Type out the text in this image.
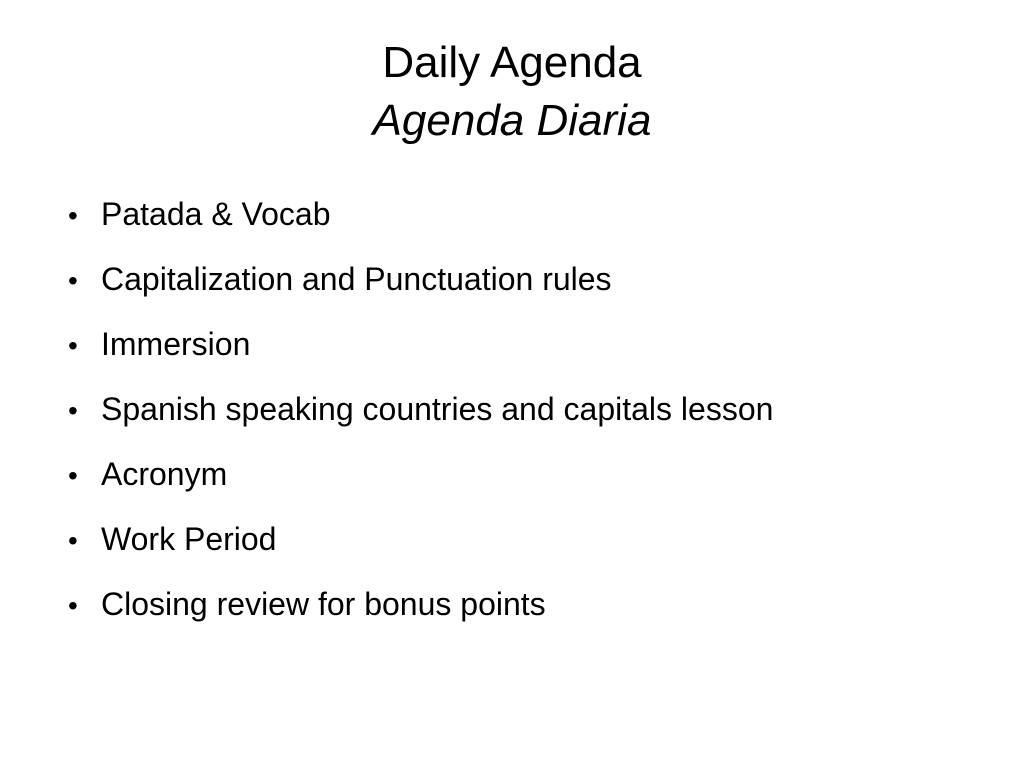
Daily Agenda
Agenda Diaria
• Patada & Vocab
• Capitalization and Punctuation rules
• Immersion
• Spanish speaking countries and capitals lesson
• Acronym
• Work Period
• Closing review for bonus points
